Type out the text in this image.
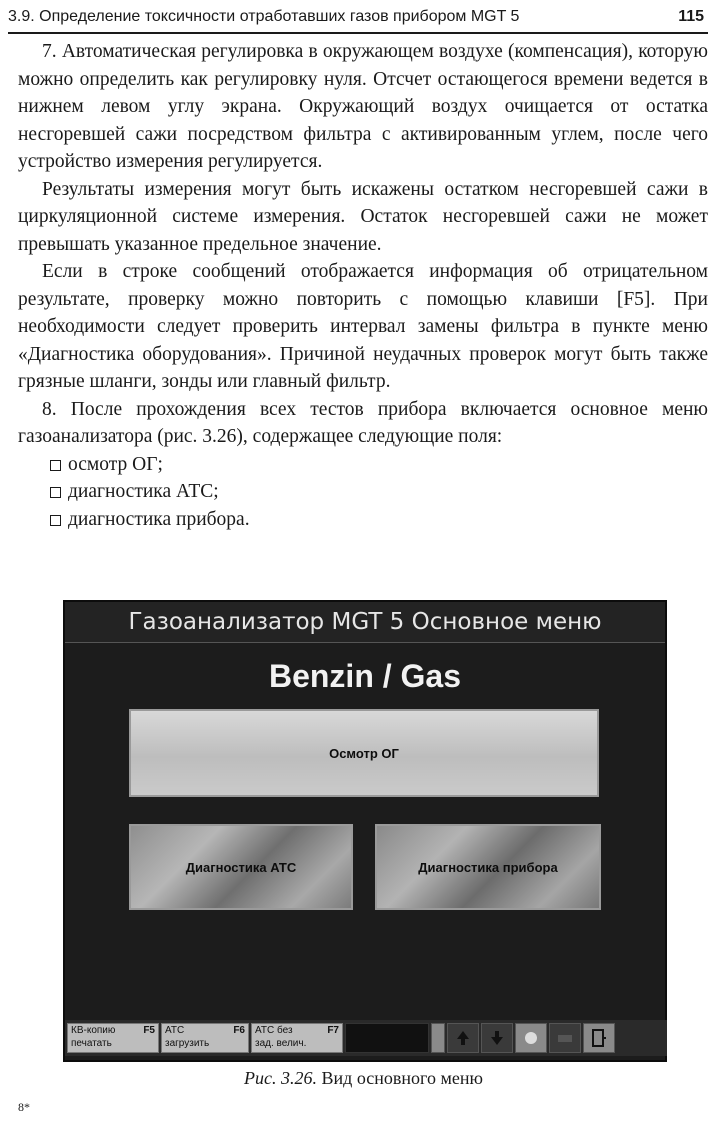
3.9. Определение токсичности отработавших газов прибором MGT 5	115

7. Автоматическая регулировка в окружающем воздухе (компенсация), которую можно определить как регулировку нуля. Отсчет остающегося времени ведется в нижнем левом углу экрана. Окружающий воздух очищается от остатка несгоревшей сажи посредством фильтра с активированным углем, после чего устройство измерения регулируется.

Результаты измерения могут быть искажены остатком несгоревшей сажи в циркуляционной системе измерения. Остаток несгоревшей сажи не может превышать указанное предельное значение.

Если в строке сообщений отображается информация об отрицательном результате, проверку можно повторить с помощью клавиши [F5]. При необходимости следует проверить интервал замены фильтра в пункте меню «Диагностика оборудования». Причиной неудачных проверок могут быть также грязные шланги, зонды или главный фильтр.

8. После прохождения всех тестов прибора включается основное меню газоанализатора (рис. 3.26), содержащее следующие поля:

осмотр ОГ;
диагностика АТС;
диагностика прибора.
Газоанализатор MGT 5 Основное меню
Benzin / Gas
Осмотр ОГ
Диагностика АТС	Диагностика прибора
КВ-копию	F5
печатать
АТС	F6
загрузить
АТС без	F7
зад. велич.
Рис. 3.26. Вид основного меню
8*
